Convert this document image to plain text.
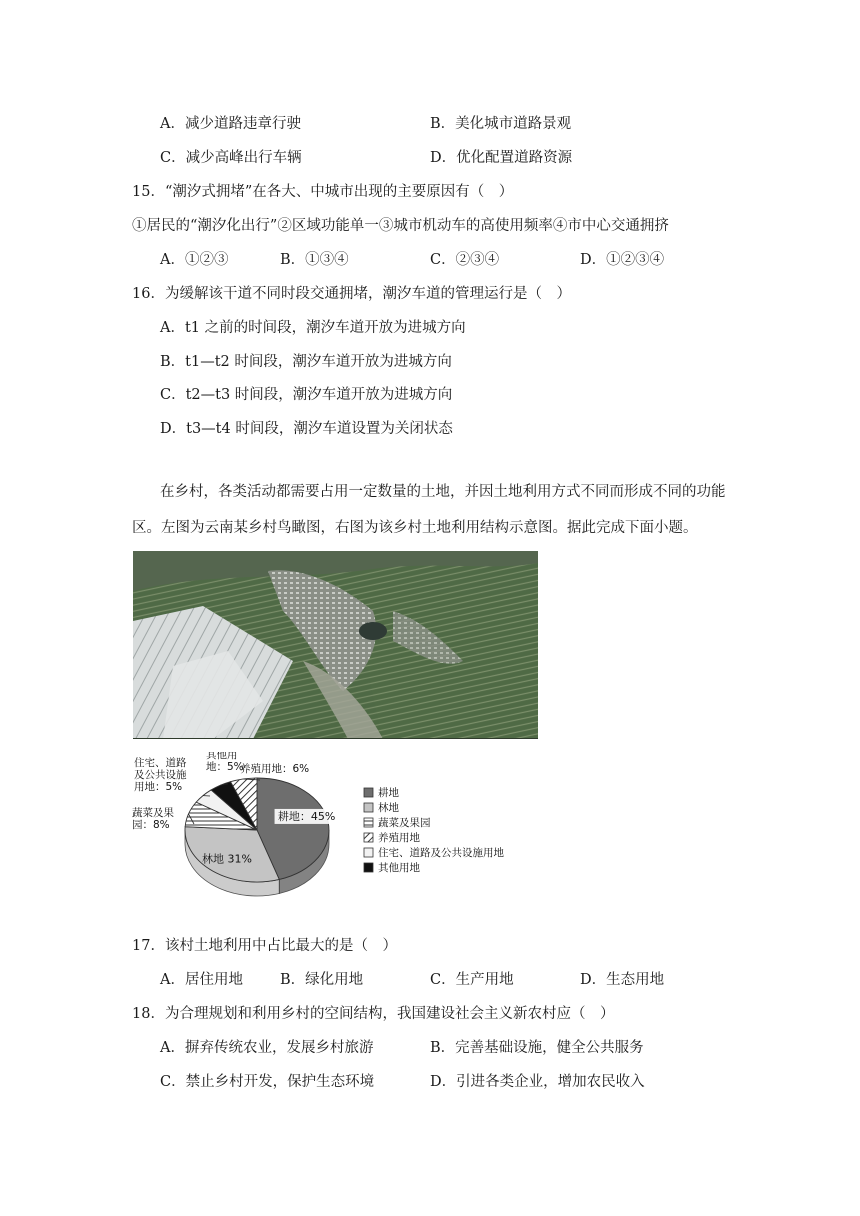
A．减少道路违章行驶	B．美化城市道路景观
C．减少高峰出行车辆	D．优化配置道路资源
15．“潮汐式拥堵”在各大、中城市出现的主要原因有（　）
①居民的“潮汐化出行”②区域功能单一③城市机动车的高使用频率④市中心交通拥挤
A．①②③	B．①③④	C．②③④	D．①②③④
16．为缓解该干道不同时段交通拥堵，潮汐车道的管理运行是（　）
A．t1 之前的时间段，潮汐车道开放为进城方向
B．t1—t2 时间段，潮汐车道开放为进城方向
C．t2—t3 时间段，潮汐车道开放为进城方向
D．t3—t4 时间段，潮汐车道设置为关闭状态

在乡村，各类活动都需要占用一定数量的土地，并因土地利用方式不同而形成不同的功能区。左图为云南某乡村鸟瞰图，右图为该乡村土地利用结构示意图。据此完成下面小题。

耕地：45%
林地 31%
蔬菜及果园：8%
住宅、道路及公共设施用地：5%
其他用地：5%
养殖用地：6%
耕地
林地
蔬菜及果园
养殖用地
住宅、道路及公共设施用地
其他用地
17．该村土地利用中占比最大的是（　）
A．居住用地	B．绿化用地	C．生产用地	D．生态用地
18．为合理规划和利用乡村的空间结构，我国建设社会主义新农村应（　）
A．摒弃传统农业，发展乡村旅游	B．完善基础设施，健全公共服务
C．禁止乡村开发，保护生态环境	D．引进各类企业，增加农民收入
